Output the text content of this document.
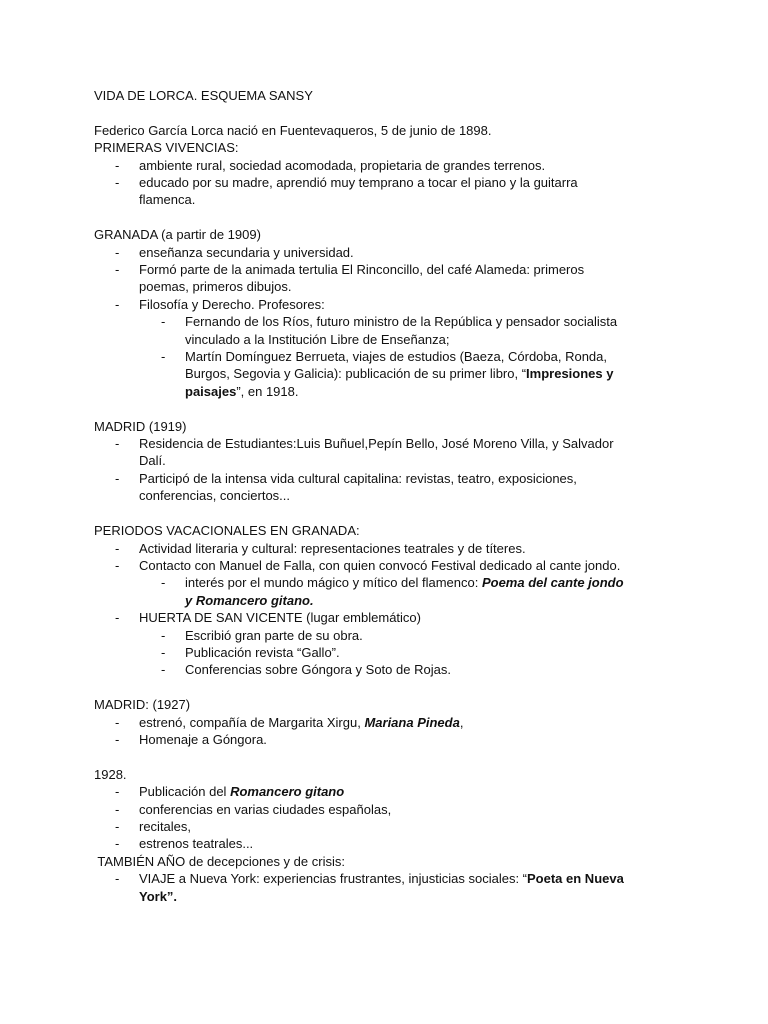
VIDA DE LORCA. ESQUEMA SANSY

Federico García Lorca nació en Fuentevaqueros, 5 de junio de 1898.

PRIMERAS VIVENCIAS:

- ambiente rural, sociedad acomodada, propietaria de grandes terrenos.
- educado por su madre, aprendió muy temprano a tocar el piano y la guitarra
flamenca.

GRANADA (a partir de 1909)

- enseñanza secundaria y universidad.
- Formó parte de la animada tertulia El Rinconcillo, del café Alameda: primeros
poemas, primeros dibujos.
- Filosofía y Derecho. Profesores:
- Fernando de los Ríos, futuro ministro de la República y pensador socialista
vinculado a la Institución Libre de Enseñanza;
- Martín Domínguez Berrueta, viajes de estudios (Baeza, Córdoba, Ronda,
Burgos, Segovia y Galicia): publicación de su primer libro, “Impresiones y
paisajes”, en 1918.

MADRID (1919)

- Residencia de Estudiantes:Luis Buñuel,Pepín Bello, José Moreno Villa, y Salvador
Dalí.
- Participó de la intensa vida cultural capitalina: revistas, teatro, exposiciones,
conferencias, conciertos...

PERIODOS VACACIONALES EN GRANADA:

- Actividad literaria y cultural: representaciones teatrales y de títeres.
- Contacto con Manuel de Falla, con quien convocó Festival dedicado al cante jondo.
- interés por el mundo mágico y mítico del flamenco: Poema del cante jondo
y Romancero gitano.
- HUERTA DE SAN VICENTE (lugar emblemático)
- Escribió gran parte de su obra.
- Publicación revista “Gallo”.
- Conferencias sobre Góngora y Soto de Rojas.

MADRID: (1927)

- estrenó, compañía de Margarita Xirgu, Mariana Pineda,
- Homenaje a Góngora.

1928.

- Publicación del Romancero gitano
- conferencias en varias ciudades españolas,
- recitales,
- estrenos teatrales...

TAMBIÉN AÑO de decepciones y de crisis:

- VIAJE a Nueva York: experiencias frustrantes, injusticias sociales: “Poeta en Nueva
York”.
